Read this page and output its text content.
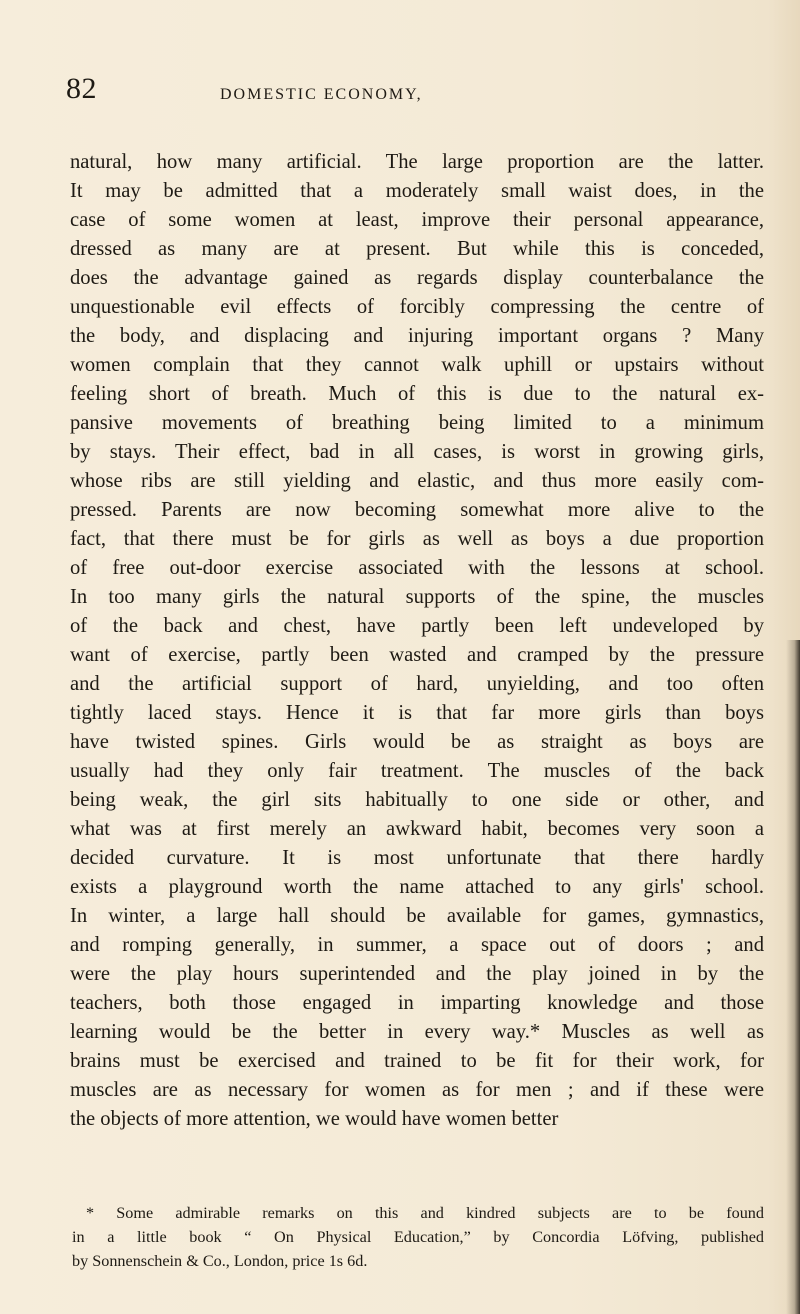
82	DOMESTIC ECONOMY,
natural, how many artificial. The large proportion are the latter.
It may be admitted that a moderately small waist does, in the
case of some women at least, improve their personal appearance,
dressed as many are at present. But while this is conceded,
does the advantage gained as regards display counterbalance the
unquestionable evil effects of forcibly compressing the centre of
the body, and displacing and injuring important organs ? Many
women complain that they cannot walk uphill or upstairs without
feeling short of breath. Much of this is due to the natural ex-
pansive movements of breathing being limited to a minimum
by stays. Their effect, bad in all cases, is worst in growing girls,
whose ribs are still yielding and elastic, and thus more easily com-
pressed. Parents are now becoming somewhat more alive to the
fact, that there must be for girls as well as boys a due proportion
of free out-door exercise associated with the lessons at school.
In too many girls the natural supports of the spine, the muscles
of the back and chest, have partly been left undeveloped by
want of exercise, partly been wasted and cramped by the pressure
and the artificial support of hard, unyielding, and too often
tightly laced stays. Hence it is that far more girls than boys
have twisted spines. Girls would be as straight as boys are
usually had they only fair treatment. The muscles of the back
being weak, the girl sits habitually to one side or other, and
what was at first merely an awkward habit, becomes very soon a
decided curvature. It is most unfortunate that there hardly
exists a playground worth the name attached to any girls' school.
In winter, a large hall should be available for games, gymnastics,
and romping generally, in summer, a space out of doors ; and
were the play hours superintended and the play joined in by the
teachers, both those engaged in imparting knowledge and those
learning would be the better in every way.* Muscles as well as
brains must be exercised and trained to be fit for their work, for
muscles are as necessary for women as for men ; and if these were
the objects of more attention, we would have women better
* Some admirable remarks on this and kindred subjects are to be found
in a little book “ On Physical Education,” by Concordia Löfving, published
by Sonnenschein & Co., London, price 1s 6d.
